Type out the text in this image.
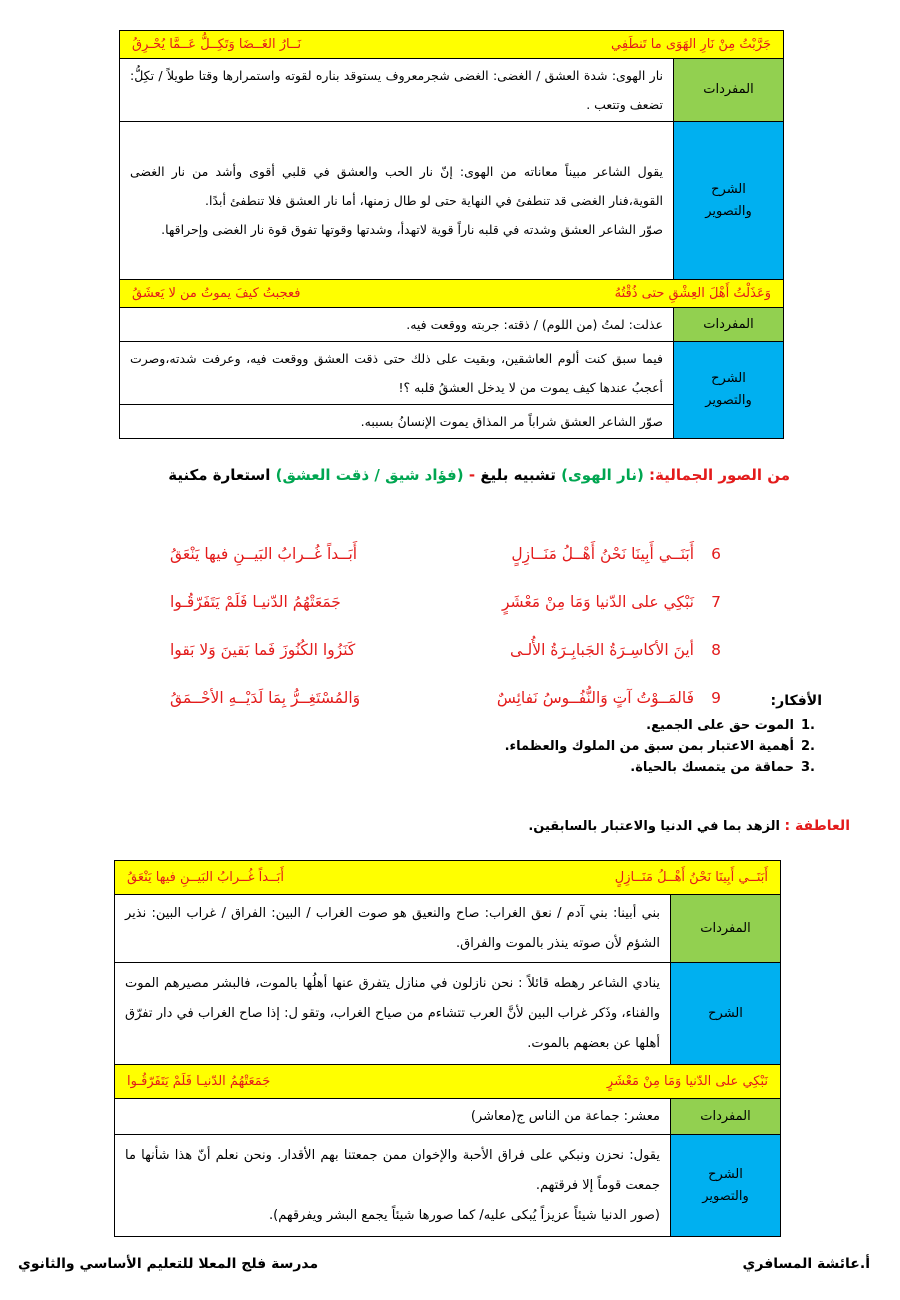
جَرَّبْتُ مِنْ نَارِ الهَوَى ما تَنطَفِي
نَــارُ الغَــضَا وَتَكِــلُّ عَــمَّا يُحْـرِقُ	

المفردات	نار الهوى: شدة العشق / الغضى: الغضى شجرمعروف يستوقد بناره لقوته واستمرارها وقتا طويلاً / تكِلُّ: تضعف وتتعب .
الشرح والتصوير	يقول الشاعر مبيناً معاناته من الهوى: إنّ نار الحب والعشق في قلبي أقوى وأشد من نار الغضى القوية،فنار الغضى قد تنطفئ في النهاية حتى لو طال زمنها، أما نار العشق فلا تنطفئ أبدًا.

صوّر الشاعر العشق وشدته في قلبه ناراً قوية لاتهدأ، وشدتها وقوتها تفوق قوة نار الغضى وإحراقها.

وَعَذَلْتُ أَهْلَ العِشْقِ حتى ذُقْتُهُ
فعجبتُ كيفَ يموتُ من لا يَعشَقُ	

المفردات	عذلت: لمتُ (من اللوم) / ذقته: جربته ووقعت فيه.
الشرح والتصوير	فيما سبق كنت ألوم العاشقين، وبقيت على ذلك حتى ذقت العشق ووقعت فيه، وعرفت شدته،وصرت أعجبُ عندها كيف يموت من لا يدخل العشقُ قلبه ؟!
	صوّر الشاعر العشق شراباً مر المذاق يموت الإنسانُ بسببه.
من الصور الجمالية: (نار الهوى) تشبيه بليغ - (فؤاد شيق / ذقت العشق) استعارة مكنية
6
أَبَنَــي أَبِينَا نَحْنُ أَهْــلُ مَنَــازِلٍ
أَبَــداً غُــرابُ البَيــنِ فيها يَنْعَقُ
7
نَبْكِي على الدّنيا وَمَا مِنْ مَعْشَرٍ
جَمَعَتْهُمُ الدّنيـا فَلَمْ يَتَفَرّقُـوا
8
أينَ الأكاسِـرَةُ الجَبابِـرَةُ الأُلـى
كَنَزُوا الكُنُوزَ فَما بَقينَ وَلا بَقوا
9
فَالمَــوْتُ آتٍ وَالنُّفُــوسُ نَفائِسٌ
وَالمُسْتَغِــرُّ بِمَا لَدَيْــهِ الأحْــمَقُ	الأفكار:
.1
الموت حق على الجميع.
.2
أهمية الاعتبار بمن سبق من الملوك والعظماء.
.3
حماقة من يتمسك بالحياة.
العاطفة : الزهد بما في الدنيا والاعتبار بالسابقين.
أَبَنَــي أَبِينَا نَحْنُ أَهْــلُ مَنَــازِلٍ
أَبَــداً غُــرابُ البَيــنِ فيها يَنْعَقُ	

المفردات	بني أبينا: بني آدم / نعق الغراب: صاح والنعيق هو صوت الغراب / البين: الفراق / غراب البين: نذير الشؤم لأن صوته ينذر بالموت والفراق.
الشرح	ينادي الشاعر رهطه قائلاً : نحن نازلون في منازل يتفرق عنها أهلُها بالموت، فالبشر مصيرهم الموت والفناء، وذَكر غراب البين لأنَّ العرب تتشاءم من صياح الغراب، وتقو ل: إذا صاح الغراب في دار تفرّق أهلها عن بعضهم بالموت.

نَبْكِي على الدّنيا وَمَا مِنْ مَعْشَرٍ
جَمَعَتْهُمُ الدّنيـا فَلَمْ يَتَفَرّقُـوا	

المفردات	معشر: جماعة من الناس ج(معاشر)
الشرح والتصوير	يقول: نحزن ونبكي على فراق الأحبة والإخوان ممن جمعتنا بهم الأقدار. ونحن نعلم أنّ هذا شأنها ما جمعت قوماً إلا فرقتهم.

(صور الدنيا شيئاً عزيزاً يُبكى عليه/ كما صورها شيئاً يجمع البشر ويفرقهم).

أ.عائشة المسافري
مدرسة فلج المعلا للتعليم الأساسي والثانوي
